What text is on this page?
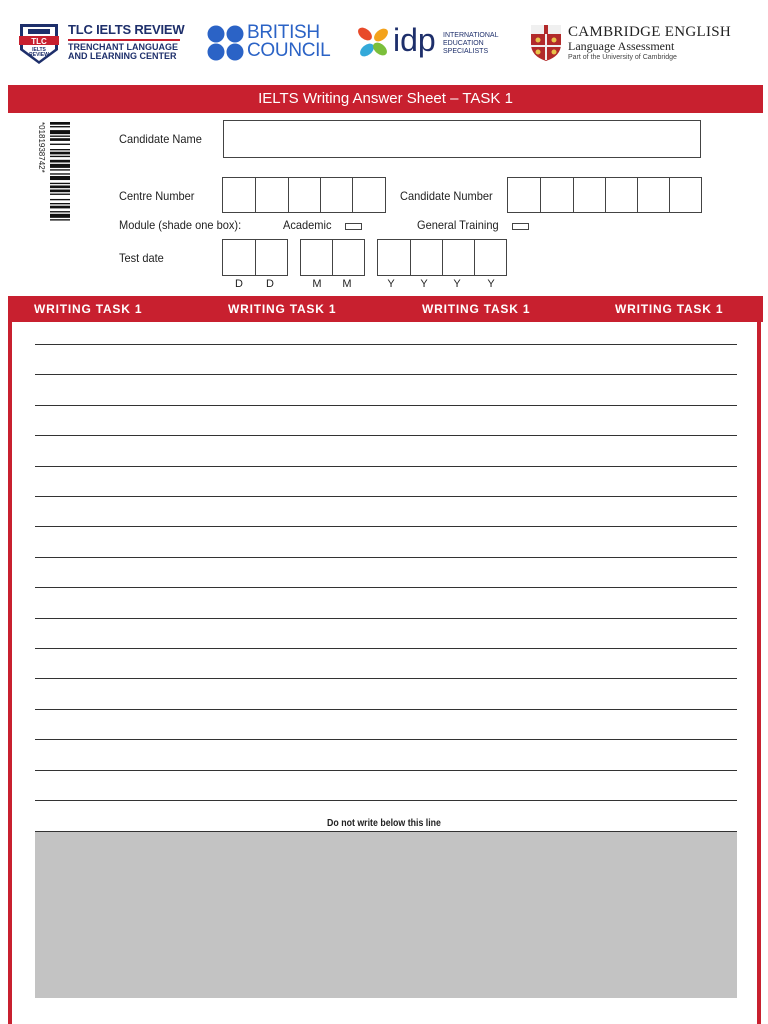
TLC
IELTS
REVIEW
TLC IELTS REVIEW
TRENCHANT LANGUAGE
AND LEARNING CENTER
BRITISH
COUNCIL idp INTERNATIONAL
EDUCATION
SPECIALISTS
CAMBRIDGE ENGLISH
Language Assessment
Part of the University of Cambridge
IELTS Writing Answer Sheet – TASK 1
*0181938742*	Candidate Name
Centre Number	Candidate Number
Module (shade one box):	Academic	General Training
Test date
D	D	M	M	Y	Y	Y	Y
WRITING TASK 1	WRITING TASK 1	WRITING TASK 1	WRITING TASK 1
Do not write below this line
